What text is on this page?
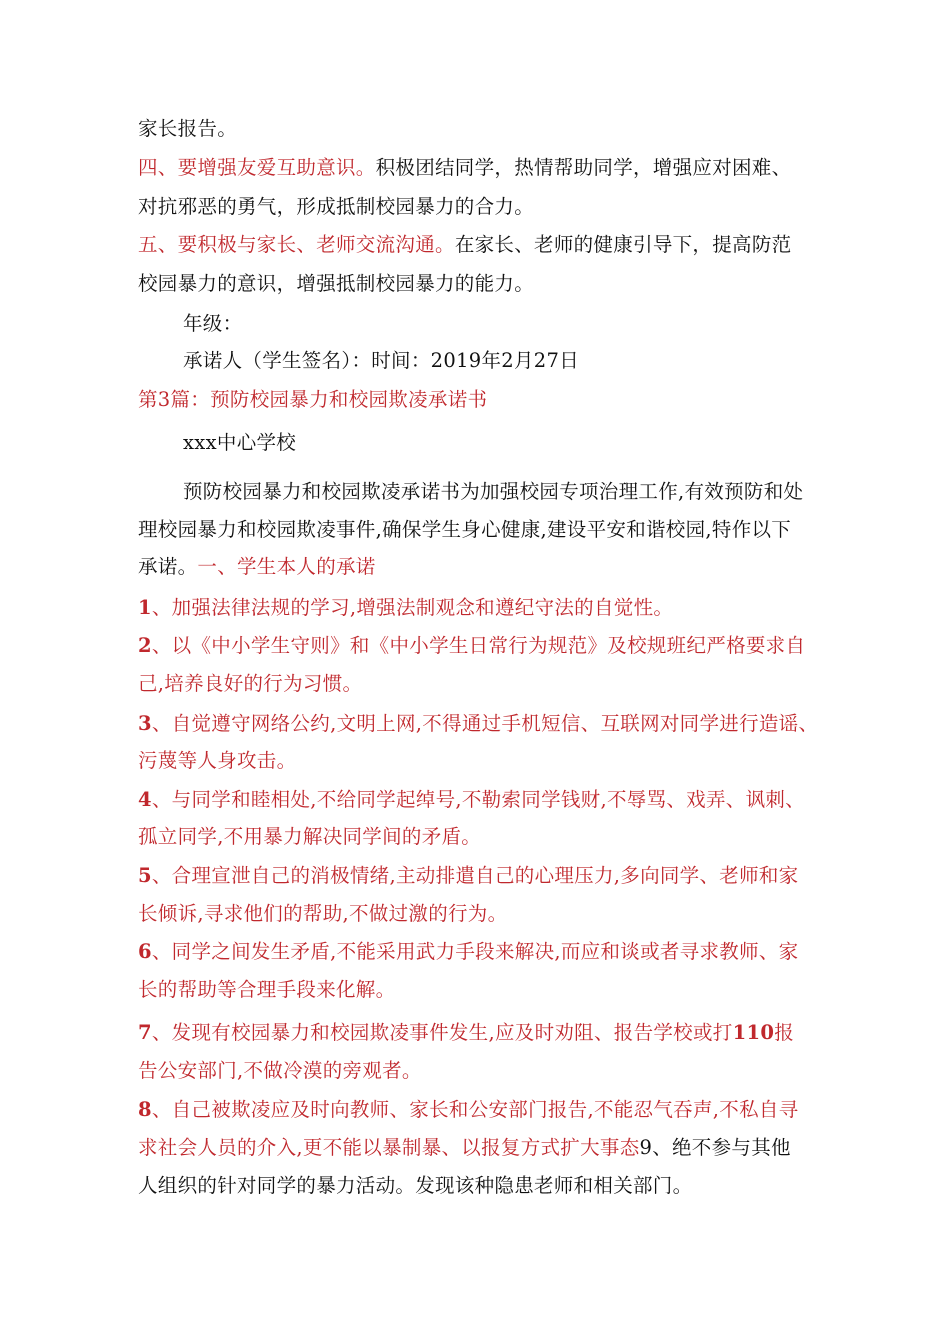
家长报告。
四、要增强友爱互助意识。积极团结同学，热情帮助同学，增强应对困难、
对抗邪恶的勇气，形成抵制校园暴力的合力。
五、要积极与家长、老师交流沟通。在家长、老师的健康引导下，提高防范
校园暴力的意识，增强抵制校园暴力的能力。
年级：
承诺人（学生签名）：时间：2019年2月27日
第3篇：预防校园暴力和校园欺凌承诺书
xxx中心学校
预防校园暴力和校园欺凌承诺书为加强校园专项治理工作,有效预防和处
理校园暴力和校园欺凌事件,确保学生身心健康,建设平安和谐校园,特作以下
承诺。一、学生本人的承诺
1、加强法律法规的学习,增强法制观念和遵纪守法的自觉性。
2、以《中小学生守则》和《中小学生日常行为规范》及校规班纪严格要求自
己,培养良好的行为习惯。
3、自觉遵守网络公约,文明上网,不得通过手机短信、互联网对同学进行造谣、
污蔑等人身攻击。
4、与同学和睦相处,不给同学起绰号,不勒索同学钱财,不辱骂、戏弄、讽刺、
孤立同学,不用暴力解决同学间的矛盾。
5、合理宣泄自己的消极情绪,主动排遣自己的心理压力,多向同学、老师和家
长倾诉,寻求他们的帮助,不做过激的行为。
6、同学之间发生矛盾,不能采用武力手段来解决,而应和谈或者寻求教师、家
长的帮助等合理手段来化解。
7、发现有校园暴力和校园欺凌事件发生,应及时劝阻、报告学校或打110报
告公安部门,不做冷漠的旁观者。
8、自己被欺凌应及时向教师、家长和公安部门报告,不能忍气吞声,不私自寻
求社会人员的介入,更不能以暴制暴、以报复方式扩大事态9、绝不参与其他
人组织的针对同学的暴力活动。发现该种隐患老师和相关部门。
